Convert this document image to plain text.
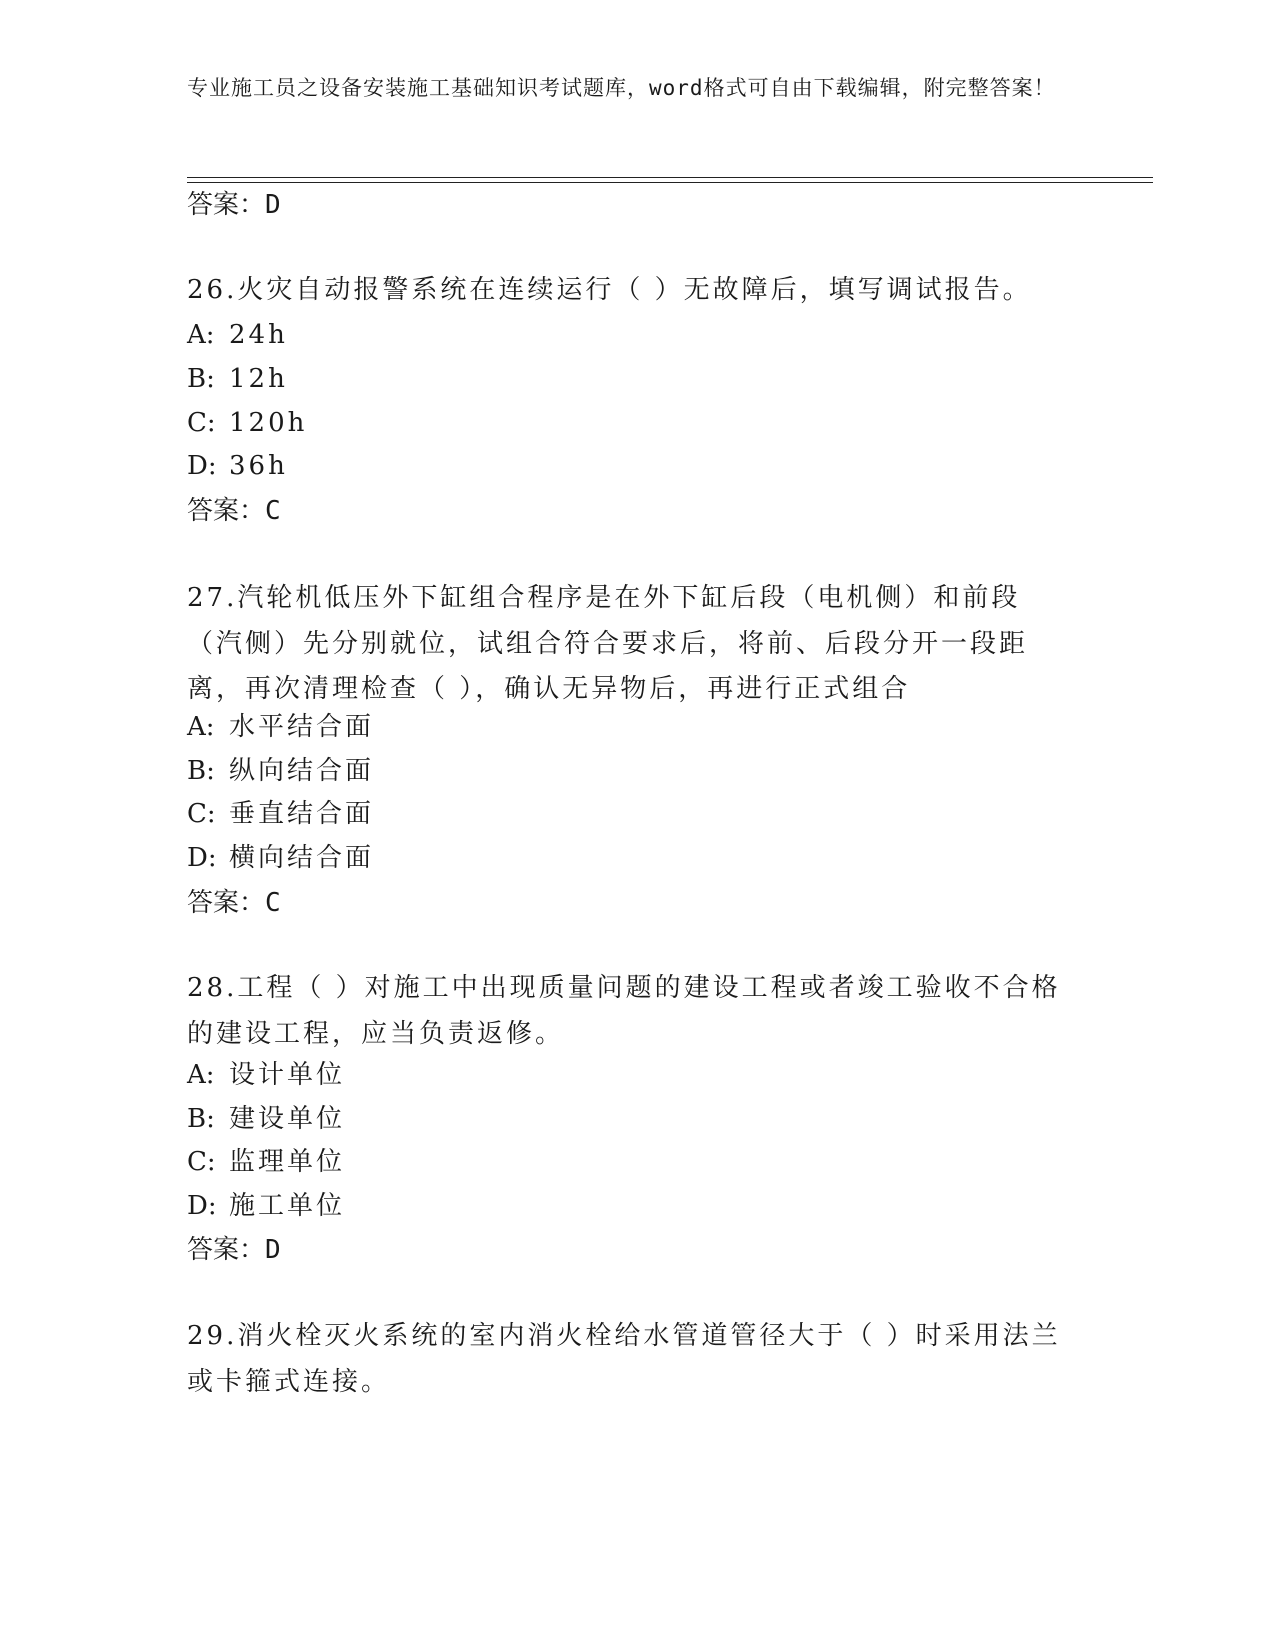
专业施工员之设备安装施工基础知识考试题库，word格式可自由下载编辑，附完整答案！
答案：D
26.火灾自动报警系统在连续运行（ ）无故障后，填写调试报告。
A: 24h
B: 12h
C: 120h
D: 36h
答案：C
27.汽轮机低压外下缸组合程序是在外下缸后段（电机侧）和前段（汽侧）先分别就位，试组合符合要求后，将前、后段分开一段距离，再次清理检查（ ），确认无异物后，再进行正式组合
A: 水平结合面
B: 纵向结合面
C: 垂直结合面
D: 横向结合面
答案：C
28.工程（ ）对施工中出现质量问题的建设工程或者竣工验收不合格的建设工程，应当负责返修。
A: 设计单位
B: 建设单位
C: 监理单位
D: 施工单位
答案：D
29.消火栓灭火系统的室内消火栓给水管道管径大于（ ）时采用法兰或卡箍式连接。
